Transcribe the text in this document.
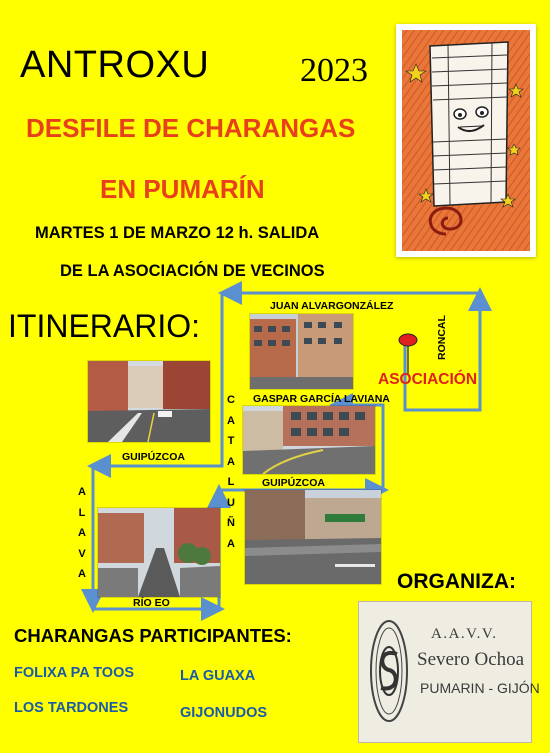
ANTROXU	2023
DESFILE DE CHARANGAS
EN PUMARÍN
MARTES 1 DE MARZO 12 h. SALIDA
DE LA ASOCIACIÓN DE VECINOS
ITINERARIO:
JUAN ALVARGONZÁLEZ
GASPAR GARCÍA LAVIANA
GUIPÚZCOA
GUIPÚZCOA
RÍO EO
CATALUÑA
ALAVA
RONCAL
ASOCIACIÓN
ORGANIZA:
A.A.V.V.
Severo Ochoa
PUMARIN - GIJÓN
CHARANGAS PARTICIPANTES:
FOLIXA PA TOOS
LOS TARDONES
LA GUAXA
GIJONUDOS
